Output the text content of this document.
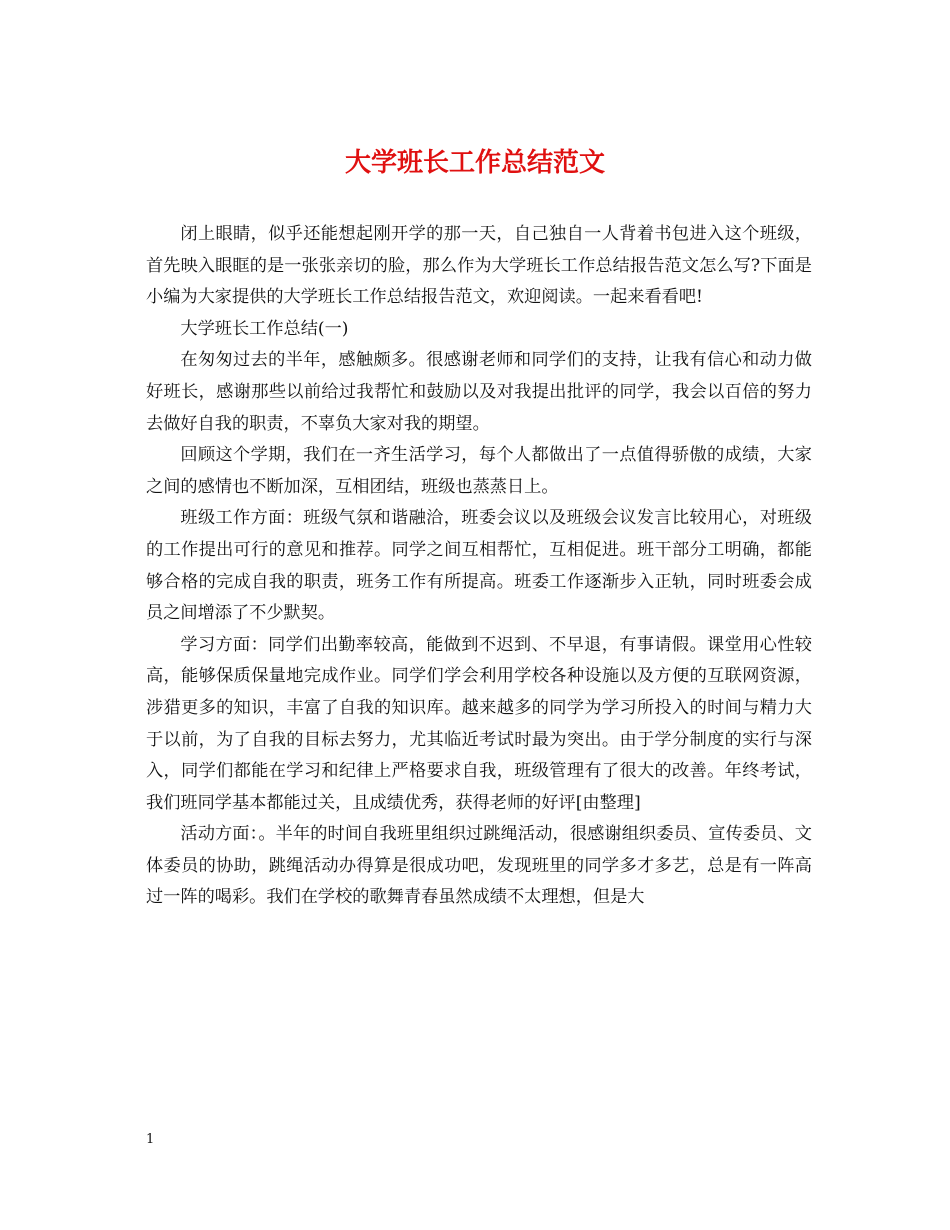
大学班长工作总结范文

闭上眼睛，似乎还能想起刚开学的那一天，自己独自一人背着书包进入这个班级，首先映入眼眶的是一张张亲切的脸，那么作为大学班长工作总结报告范文怎么写?下面是小编为大家提供的大学班长工作总结报告范文，欢迎阅读。一起来看看吧!

大学班长工作总结(一)

在匆匆过去的半年，感触颇多。很感谢老师和同学们的支持，让我有信心和动力做好班长，感谢那些以前给过我帮忙和鼓励以及对我提出批评的同学，我会以百倍的努力去做好自我的职责，不辜负大家对我的期望。

回顾这个学期，我们在一齐生活学习，每个人都做出了一点值得骄傲的成绩，大家之间的感情也不断加深，互相团结，班级也蒸蒸日上。

班级工作方面：班级气氛和谐融洽，班委会议以及班级会议发言比较用心，对班级的工作提出可行的意见和推荐。同学之间互相帮忙，互相促进。班干部分工明确，都能够合格的完成自我的职责，班务工作有所提高。班委工作逐渐步入正轨，同时班委会成员之间增添了不少默契。

学习方面：同学们出勤率较高，能做到不迟到、不早退，有事请假。课堂用心性较高，能够保质保量地完成作业。同学们学会利用学校各种设施以及方便的互联网资源，涉猎更多的知识，丰富了自我的知识库。越来越多的同学为学习所投入的时间与精力大于以前，为了自我的目标去努力，尤其临近考试时最为突出。由于学分制度的实行与深入，同学们都能在学习和纪律上严格要求自我，班级管理有了很大的改善。年终考试，我们班同学基本都能过关，且成绩优秀，获得老师的好评[由整理]

活动方面：。半年的时间自我班里组织过跳绳活动，很感谢组织委员、宣传委员、文体委员的协助，跳绳活动办得算是很成功吧，发现班里的同学多才多艺，总是有一阵高过一阵的喝彩。我们在学校的歌舞青春虽然成绩不太理想，但是大

1
